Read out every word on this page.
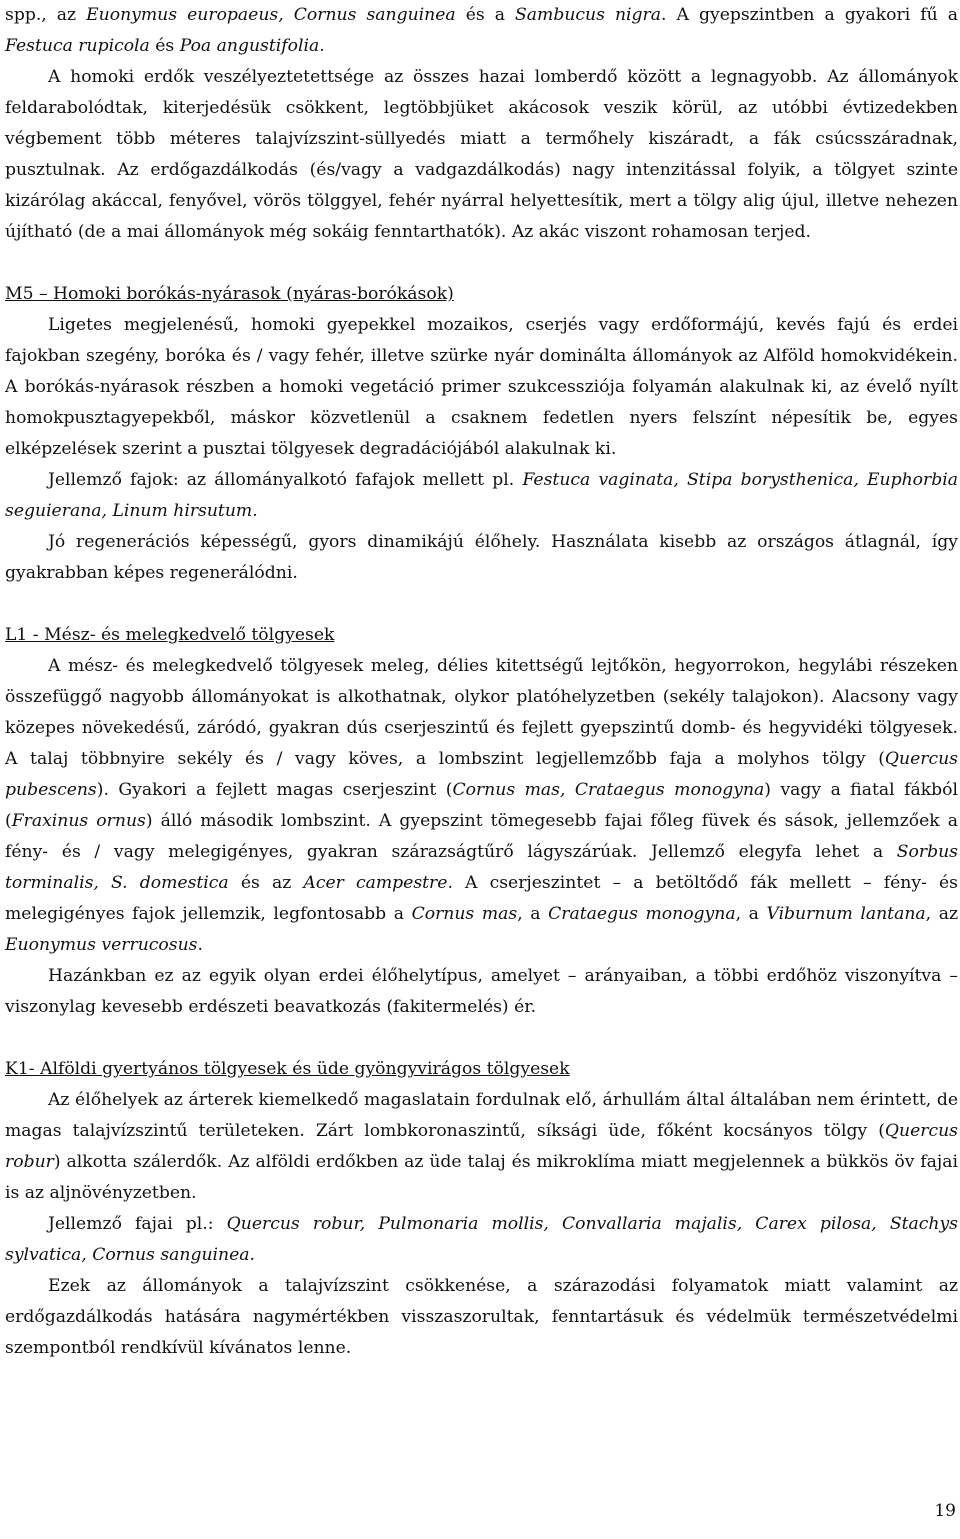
spp., az Euonymus europaeus, Cornus sanguinea és a Sambucus nigra. A gyepszintben a gyakori fű a Festuca rupicola és Poa angustifolia.

A homoki erdők veszélyeztetettsége az összes hazai lomberdő között a legnagyobb. Az állományok feldarabolódtak, kiterjedésük csökkent, legtöbbjüket akácosok veszik körül, az utóbbi évtizedekben végbement több méteres talajvízszint-süllyedés miatt a termőhely kiszáradt, a fák csúcsszáradnak, pusztulnak. Az erdőgazdálkodás (és/vagy a vadgazdálkodás) nagy intenzitással folyik, a tölgyet szinte kizárólag akáccal, fenyővel, vörös tölggyel, fehér nyárral helyettesítik, mert a tölgy alig újul, illetve nehezen újítható (de a mai állományok még sokáig fenntarthatók). Az akác viszont rohamosan terjed.

M5 – Homoki borókás-nyárasok (nyáras-borókások)

Ligetes megjelenésű, homoki gyepekkel mozaikos, cserjés vagy erdőformájú, kevés fajú és erdei fajokban szegény, boróka és / vagy fehér, illetve szürke nyár dominálta állományok az Alföld homokvidékein. A borókás-nyárasok részben a homoki vegetáció primer szukcessziója folyamán alakulnak ki, az évelő nyílt homokpusztagyepekből, máskor közvetlenül a csaknem fedetlen nyers felszínt népesítik be, egyes elképzelések szerint a pusztai tölgyesek degradációjából alakulnak ki.

Jellemző fajok: az állományalkotó fafajok mellett pl. Festuca vaginata, Stipa borysthenica, Euphorbia seguierana, Linum hirsutum.

Jó regenerációs képességű, gyors dinamikájú élőhely. Használata kisebb az országos átlagnál, így gyakrabban képes regenerálódni.

L1 - Mész- és melegkedvelő tölgyesek

A mész- és melegkedvelő tölgyesek meleg, délies kitettségű lejtőkön, hegyorrokon, hegylábi részeken összefüggő nagyobb állományokat is alkothatnak, olykor platóhelyzetben (sekély talajokon). Alacsony vagy közepes növekedésű, záródó, gyakran dús cserjeszintű és fejlett gyepszintű domb- és hegyvidéki tölgyesek. A talaj többnyire sekély és / vagy köves, a lombszint legjellemzőbb faja a molyhos tölgy (Quercus pubescens). Gyakori a fejlett magas cserjeszint (Cornus mas, Crataegus monogyna) vagy a fiatal fákból (Fraxinus ornus) álló második lombszint. A gyepszint tömegesebb fajai főleg füvek és sások, jellemzőek a fény- és / vagy melegigényes, gyakran szárazságtűrő lágyszárúak. Jellemző elegyfa lehet a Sorbus torminalis, S. domestica és az Acer campestre. A cserjeszintet – a betöltődő fák mellett – fény- és melegigényes fajok jellemzik, legfontosabb a Cornus mas, a Crataegus monogyna, a Viburnum lantana, az Euonymus verrucosus.

Hazánkban ez az egyik olyan erdei élőhelytípus, amelyet – arányaiban, a többi erdőhöz viszonyítva – viszonylag kevesebb erdészeti beavatkozás (fakitermelés) ér.

K1- Alföldi gyertyános tölgyesek és üde gyöngyvirágos tölgyesek

Az élőhelyek az árterek kiemelkedő magaslatain fordulnak elő, árhullám által általában nem érintett, de magas talajvízszintű területeken. Zárt lombkoronaszintű, síksági üde, főként kocsányos tölgy (Quercus robur) alkotta szálerdők. Az alföldi erdőkben az üde talaj és mikroklíma miatt megjelennek a bükkös öv fajai is az aljnövényzetben.

Jellemző fajai pl.: Quercus robur, Pulmonaria mollis, Convallaria majalis, Carex pilosa, Stachys sylvatica, Cornus sanguinea.

Ezek az állományok a talajvízszint csökkenése, a szárazodási folyamatok miatt valamint az erdőgazdálkodás hatására nagymértékben visszaszorultak, fenntartásuk és védelmük természetvédelmi szempontból rendkívül kívánatos lenne.

19
